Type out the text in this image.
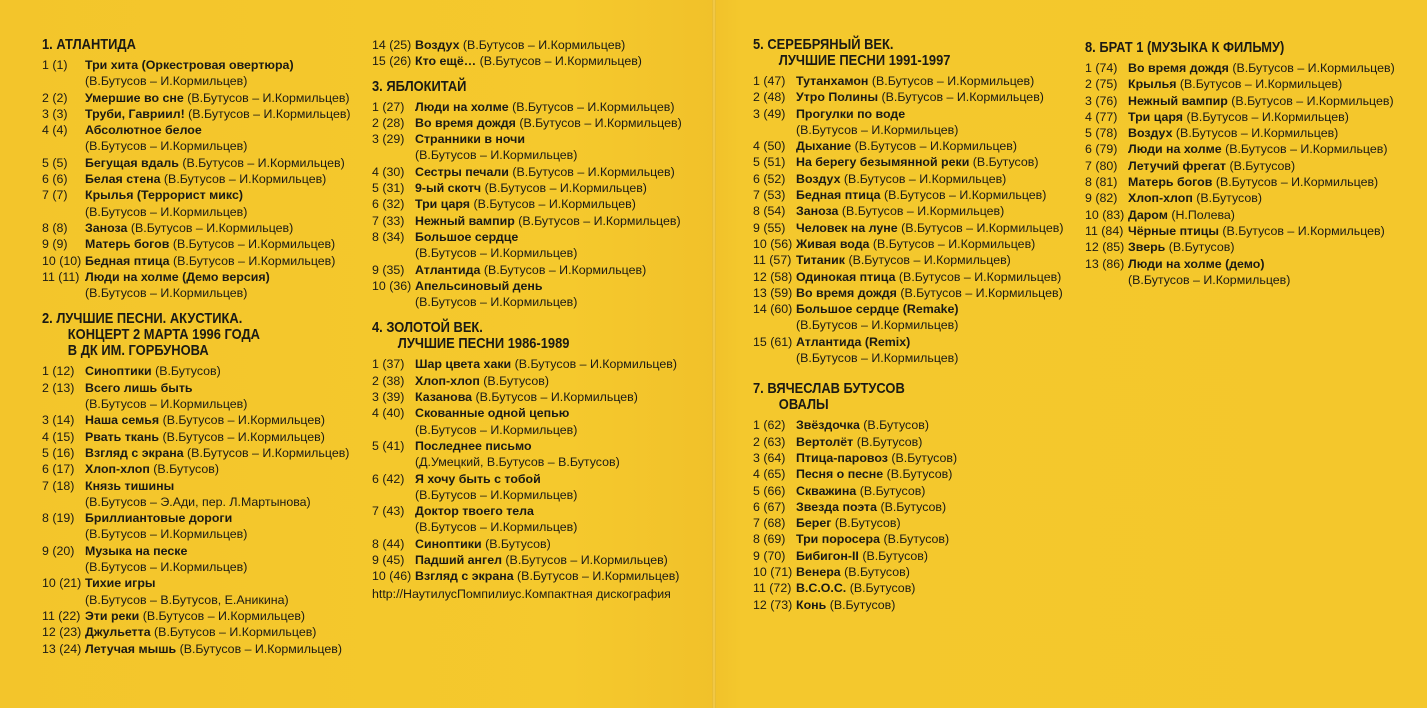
1. АТЛАНТИДА
1 (1)	Три хита (Оркестровая овертюра)
(В.Бутусов – И.Кормильцев)
2 (2)	Умершие во сне (В.Бутусов – И.Кормильцев)
3 (3)	Труби, Гавриил! (В.Бутусов – И.Кормильцев)
4 (4)	Абсолютное белое
(В.Бутусов – И.Кормильцев)
5 (5)	Бегущая вдаль (В.Бутусов – И.Кормильцев)
6 (6)	Белая стена (В.Бутусов – И.Кормильцев)
7 (7)	Крылья (Террорист микс)
(В.Бутусов – И.Кормильцев)
8 (8)	Заноза (В.Бутусов – И.Кормильцев)
9 (9)	Матерь богов (В.Бутусов – И.Кормильцев)
10 (10) Бедная птица (В.Бутусов – И.Кормильцев)
11 (11) Люди на холме (Демо версия)
(В.Бутусов – И.Кормильцев)
2. ЛУЧШИЕ ПЕСНИ. АКУСТИКА.
КОНЦЕРТ 2 МАРТА 1996 ГОДА
В ДК ИМ. ГОРБУНОВА
1 (12) Синоптики (В.Бутусов)
2 (13) Всего лишь быть
(В.Бутусов – И.Кормильцев)
3 (14) Наша семья (В.Бутусов – И.Кормильцев)
4 (15) Рвать ткань (В.Бутусов – И.Кормильцев)
5 (16) Взгляд с экрана (В.Бутусов – И.Кормильцев)
6 (17) Хлоп-хлоп (В.Бутусов)
7 (18) Князь тишины
(В.Бутусов – Э.Ади, пер. Л.Мартынова)
8 (19) Бриллиантовые дороги
(В.Бутусов – И.Кормильцев)
9 (20) Музыка на песке
(В.Бутусов – И.Кормильцев)
10 (21) Тихие игры
(В.Бутусов – В.Бутусов, Е.Аникина)
11 (22) Эти реки (В.Бутусов – И.Кормильцев)
12 (23) Джульетта (В.Бутусов – И.Кормильцев)
13 (24) Летучая мышь (В.Бутусов – И.Кормильцев)
14 (25) Воздух (В.Бутусов – И.Кормильцев)
15 (26) Кто ещё… (В.Бутусов – И.Кормильцев)
3. ЯБЛОКИТАЙ
1 (27) Люди на холме (В.Бутусов – И.Кормильцев)
2 (28) Во время дождя (В.Бутусов – И.Кормильцев)
3 (29) Странники в ночи
(В.Бутусов – И.Кормильцев)
4 (30) Сестры печали (В.Бутусов – И.Кормильцев)
5 (31) 9-ый скотч (В.Бутусов – И.Кормильцев)
6 (32) Три царя (В.Бутусов – И.Кормильцев)
7 (33) Нежный вампир (В.Бутусов – И.Кормильцев)
8 (34) Большое сердце
(В.Бутусов – И.Кормильцев)
9 (35) Атлантида (В.Бутусов – И.Кормильцев)
10 (36) Апельсиновый день
(В.Бутусов – И.Кормильцев)
4. ЗОЛОТОЙ ВЕК.
ЛУЧШИЕ ПЕСНИ 1986-1989
1 (37) Шар цвета хаки (В.Бутусов – И.Кормильцев)
2 (38) Хлоп-хлоп (В.Бутусов)
3 (39) Казанова (В.Бутусов – И.Кормильцев)
4 (40) Скованные одной цепью
(В.Бутусов – И.Кормильцев)
5 (41) Последнее письмо
(Д.Умецкий, В.Бутусов – В.Бутусов)
6 (42) Я хочу быть с тобой
(В.Бутусов – И.Кормильцев)
7 (43) Доктор твоего тела
(В.Бутусов – И.Кормильцев)
8 (44) Синоптики (В.Бутусов)
9 (45) Падший ангел (В.Бутусов – И.Кормильцев)
10 (46) Взгляд с экрана (В.Бутусов – И.Кормильцев)
http://НаутилусПомпилиус.Кoмпактная дискoграфия
5. СЕРЕБРЯНЫЙ ВЕК.
ЛУЧШИЕ ПЕСНИ 1991-1997
1 (47) Тутанхамон (В.Бутусов – И.Кормильцев)
2 (48) Утро Полины (В.Бутусов – И.Кормильцев)
3 (49) Прогулки по воде
(В.Бутусов – И.Кормильцев)
4 (50) Дыхание (В.Бутусов – И.Кормильцев)
5 (51) На берегу безымянной реки (В.Бутусов)
6 (52) Воздух (В.Бутусов – И.Кормильцев)
7 (53) Бедная птица (В.Бутусов – И.Кормильцев)
8 (54) Заноза (В.Бутусов – И.Кормильцев)
9 (55) Человек на луне (В.Бутусов – И.Кормильцев)
10 (56) Живая вода (В.Бутусов – И.Кормильцев)
11 (57) Титаник (В.Бутусов – И.Кормильцев)
12 (58) Одинокая птица (В.Бутусов – И.Кормильцев)
13 (59) Во время дождя (В.Бутусов – И.Кормильцев)
14 (60) Большое сердце (Remake)
(В.Бутусов – И.Кормильцев)
15 (61) Атлантида (Remix)
(В.Бутусов – И.Кормильцев)
7. ВЯЧЕСЛАВ БУТУСОВ
ОВАЛЫ
1 (62) Звёздочка (В.Бутусов)
2 (63) Вертолёт (В.Бутусов)
3 (64) Птица-паровоз (В.Бутусов)
4 (65) Песня о песне (В.Бутусов)
5 (66) Скважина (В.Бутусов)
6 (67) Звезда поэта (В.Бутусов)
7 (68) Берег (В.Бутусов)
8 (69) Три поросера (В.Бутусов)
9 (70) Бибигон-II (В.Бутусов)
10 (71) Венера (В.Бутусов)
11 (72) В.С.О.С. (В.Бутусов)
12 (73) Конь (В.Бутусов)
8. БРАТ 1 (МУЗЫКА К ФИЛЬМУ)
1 (74) Во время дождя (В.Бутусов – И.Кормильцев)
2 (75) Крылья (В.Бутусов – И.Кормильцев)
3 (76) Нежный вампир (В.Бутусов – И.Кормильцев)
4 (77) Три царя (В.Бутусов – И.Кормильцев)
5 (78) Воздух (В.Бутусов – И.Кормильцев)
6 (79) Люди на холме (В.Бутусов – И.Кормильцев)
7 (80) Летучий фрегат (В.Бутусов)
8 (81) Матерь богов (В.Бутусов – И.Кормильцев)
9 (82) Хлоп-хлоп (В.Бутусов)
10 (83) Даром (Н.Полева)
11 (84) Чёрные птицы (В.Бутусов – И.Кормильцев)
12 (85) Зверь (В.Бутусов)
13 (86) Люди на холме (демо)
(В.Бутусов – И.Кормильцев)
